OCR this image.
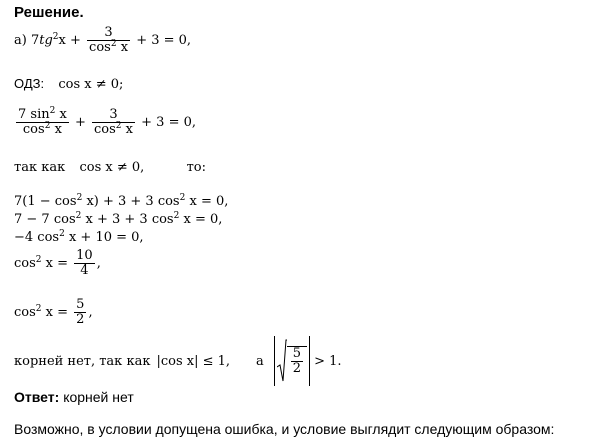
Решение.
а) $7tg^2x + \frac{3}{\cos^2 x} + 3 = 0$,
ОДЗ: cos x ≠ 0;
$\frac{7 \sin^2 x}{\cos^2 x} + \frac{3}{\cos^2 x} + 3 = 0$,
так как cos x ≠ 0,	то:
$7(1 - \cos^2 x) + 3 + 3$ $\cos^2 x = 0$,
7 − 7 $\cos^2 x + 3 + 3$ $\cos^2 x = 0$,
−4 $\cos^2 x + 10 = 0$,
$\cos^2 x = \frac{10}{4}$ ,
$\cos^2 x = \frac{5}{2}$ ,
корней нет, так как |cos x| ≤ 1, а $\frac{5}{2} > 1$.
Ответ: корней нет
Возможно, в условии допущена ошибка, и условие выглядит следующим образом:
